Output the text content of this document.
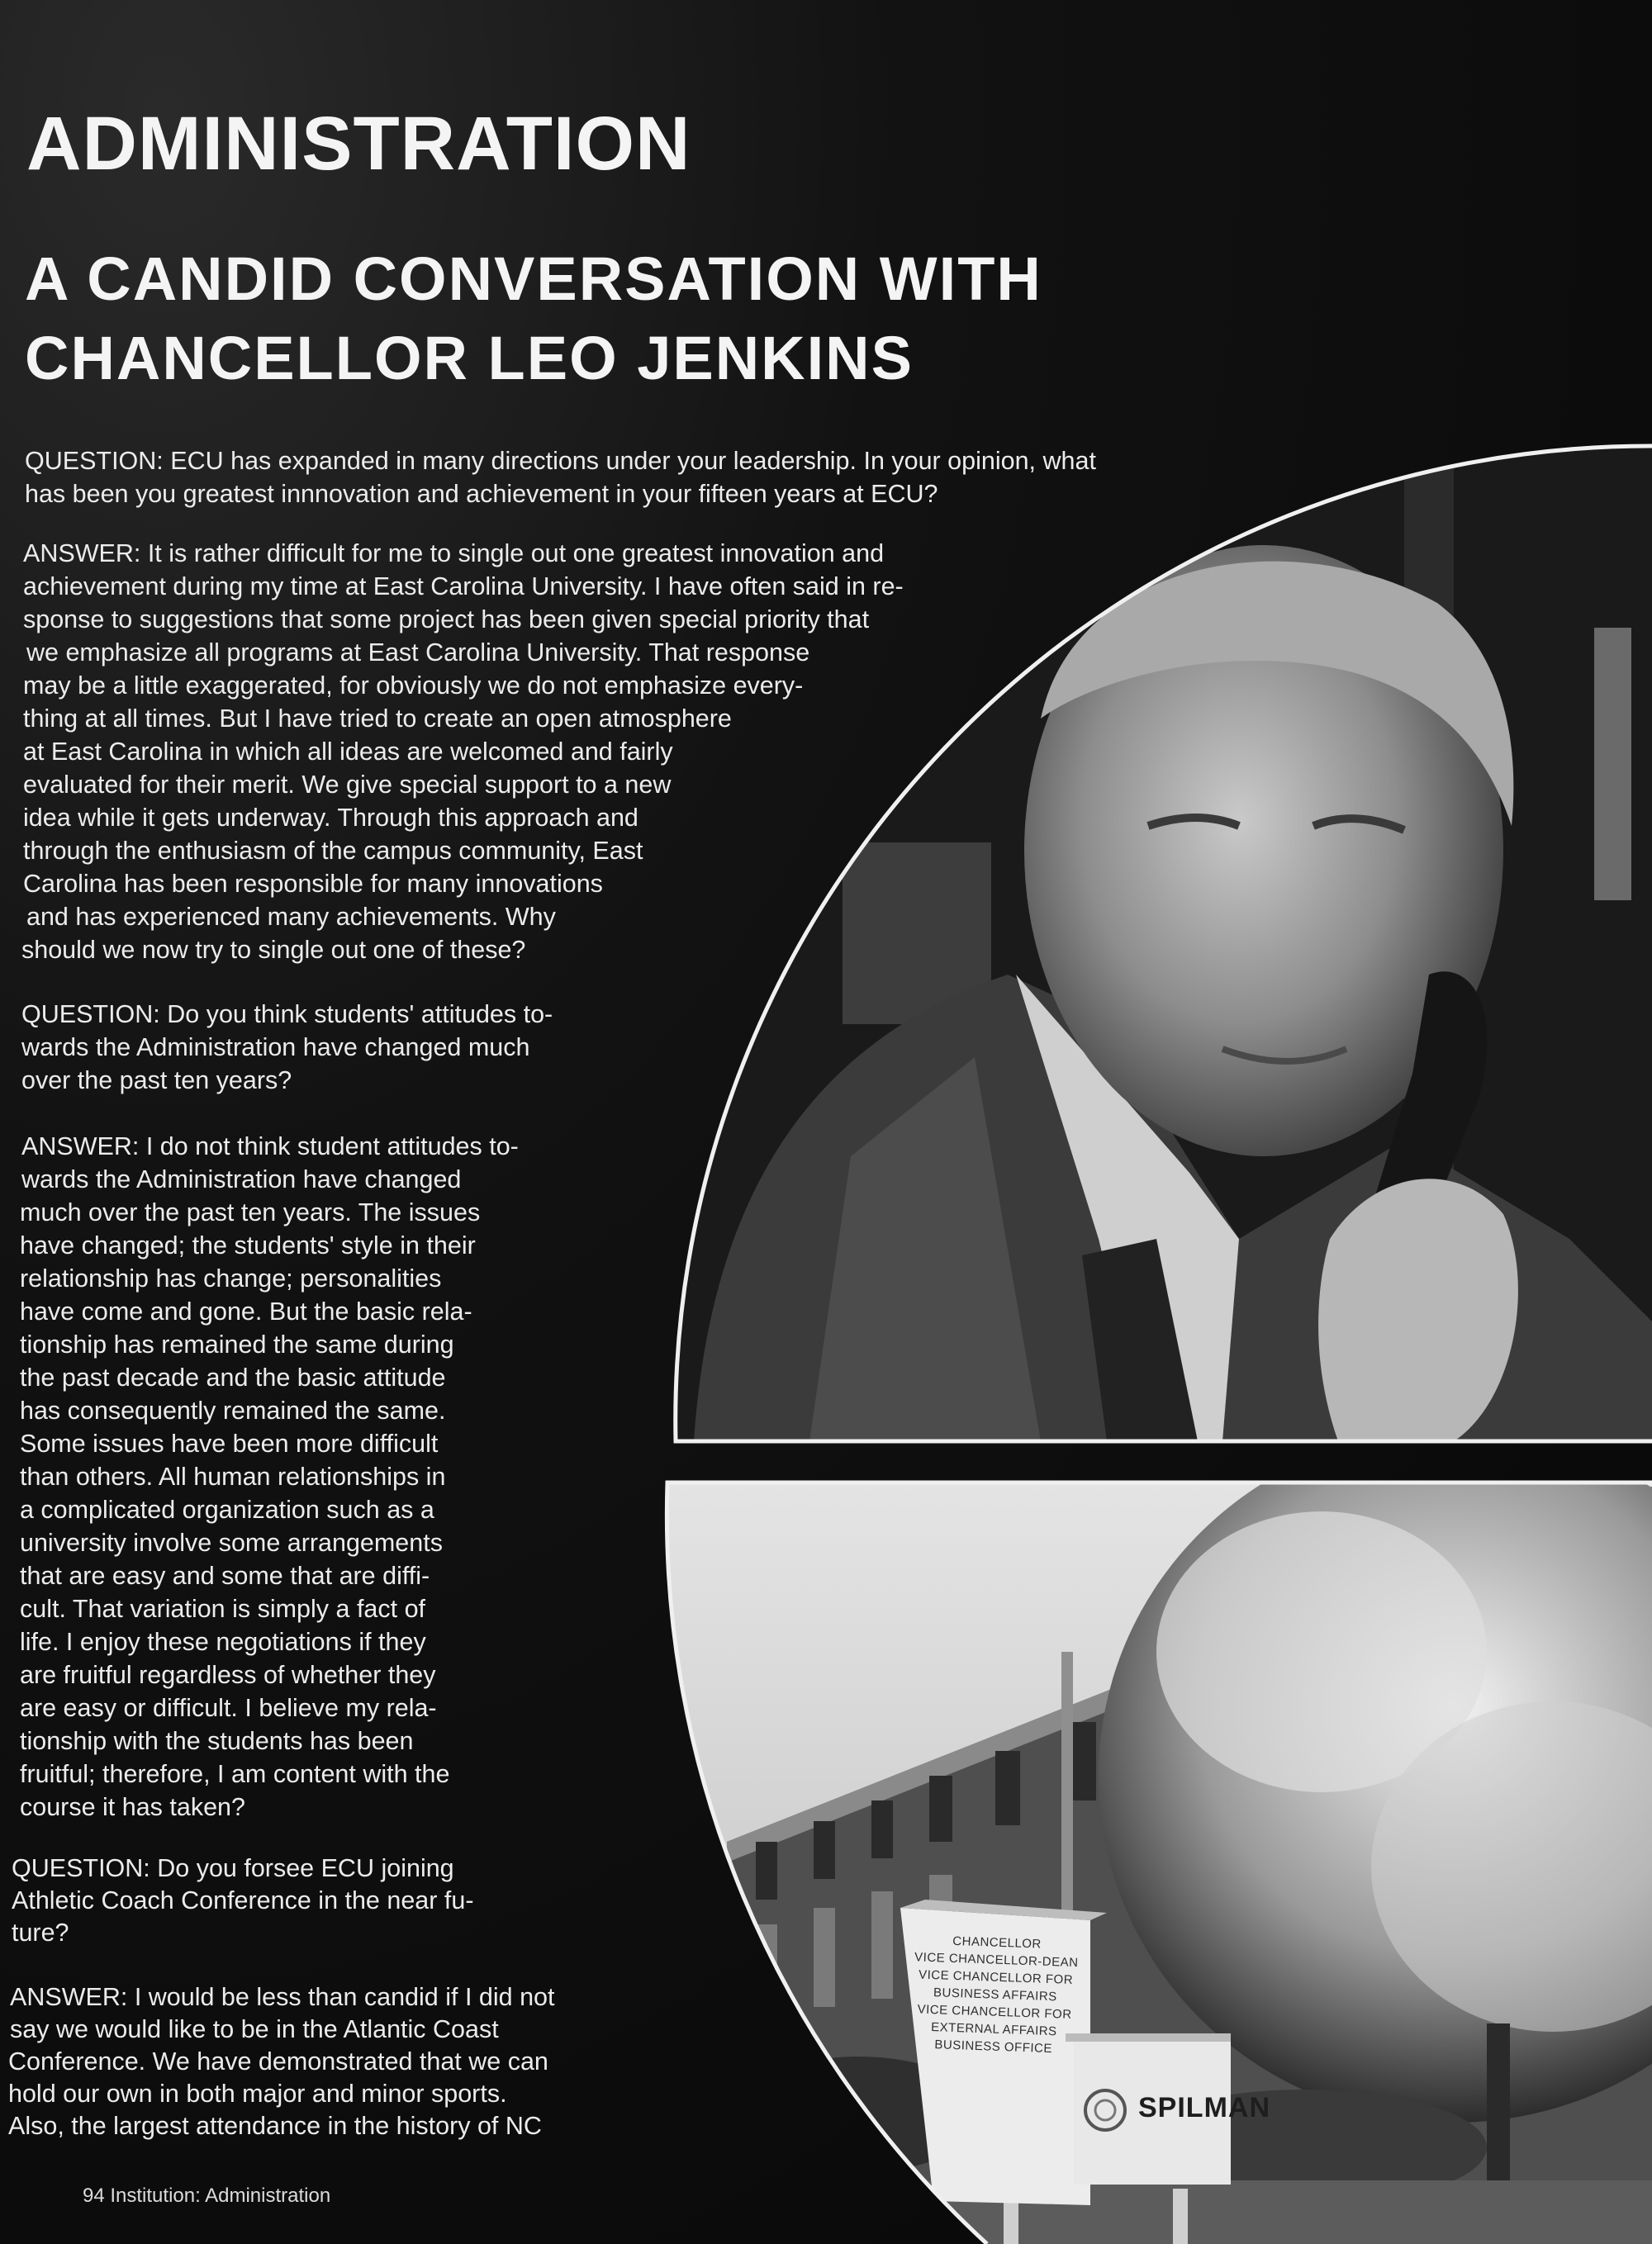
CHANCELLOR
VICE CHANCELLOR-DEAN
VICE CHANCELLOR FOR
BUSINESS AFFAIRS
VICE CHANCELLOR FOR
EXTERNAL AFFAIRS
BUSINESS OFFICE
SPILMAN
ADMINISTRATION
A CANDID CONVERSATION WITH
CHANCELLOR LEO JENKINS
QUESTION: ECU has expanded in many directions under your leadership. In your opinion, what
has been you greatest innnovation and achievement in your fifteen years at ECU?
ANSWER: It is rather difficult for me to single out one greatest innovation and
achievement during my time at East Carolina University. I have often said in re-
sponse to suggestions that some project has been given special priority that
we emphasize all programs at East Carolina University. That response
may be a little exaggerated, for obviously we do not emphasize every-
thing at all times. But I have tried to create an open atmosphere
at East Carolina in which all ideas are welcomed and fairly
evaluated for their merit. We give special support to a new
idea while it gets underway. Through this approach and
through the enthusiasm of the campus community, East
Carolina has been responsible for many innovations
and has experienced many achievements. Why
should we now try to single out one of these?
QUESTION: Do you think students' attitudes to-
wards the Administration have changed much
over the past ten years?
ANSWER: I do not think student attitudes to-
wards the Administration have changed
much over the past ten years. The issues
have changed; the students' style in their
relationship has change; personalities
have come and gone. But the basic rela-
tionship has remained the same during
the past decade and the basic attitude
has consequently remained the same.
Some issues have been more difficult
than others. All human relationships in
a complicated organization such as a
university involve some arrangements
that are easy and some that are diffi-
cult. That variation is simply a fact of
life. I enjoy these negotiations if they
are fruitful regardless of whether they
are easy or difficult. I believe my rela-
tionship with the students has been
fruitful; therefore, I am content with the
course it has taken?
QUESTION: Do you forsee ECU joining
Athletic Coach Conference in the near fu-
ture?
ANSWER: I would be less than candid if I did not
say we would like to be in the Atlantic Coast
Conference. We have demonstrated that we can
hold our own in both major and minor sports.
Also, the largest attendance in the history of NC
94 Institution: Administration
